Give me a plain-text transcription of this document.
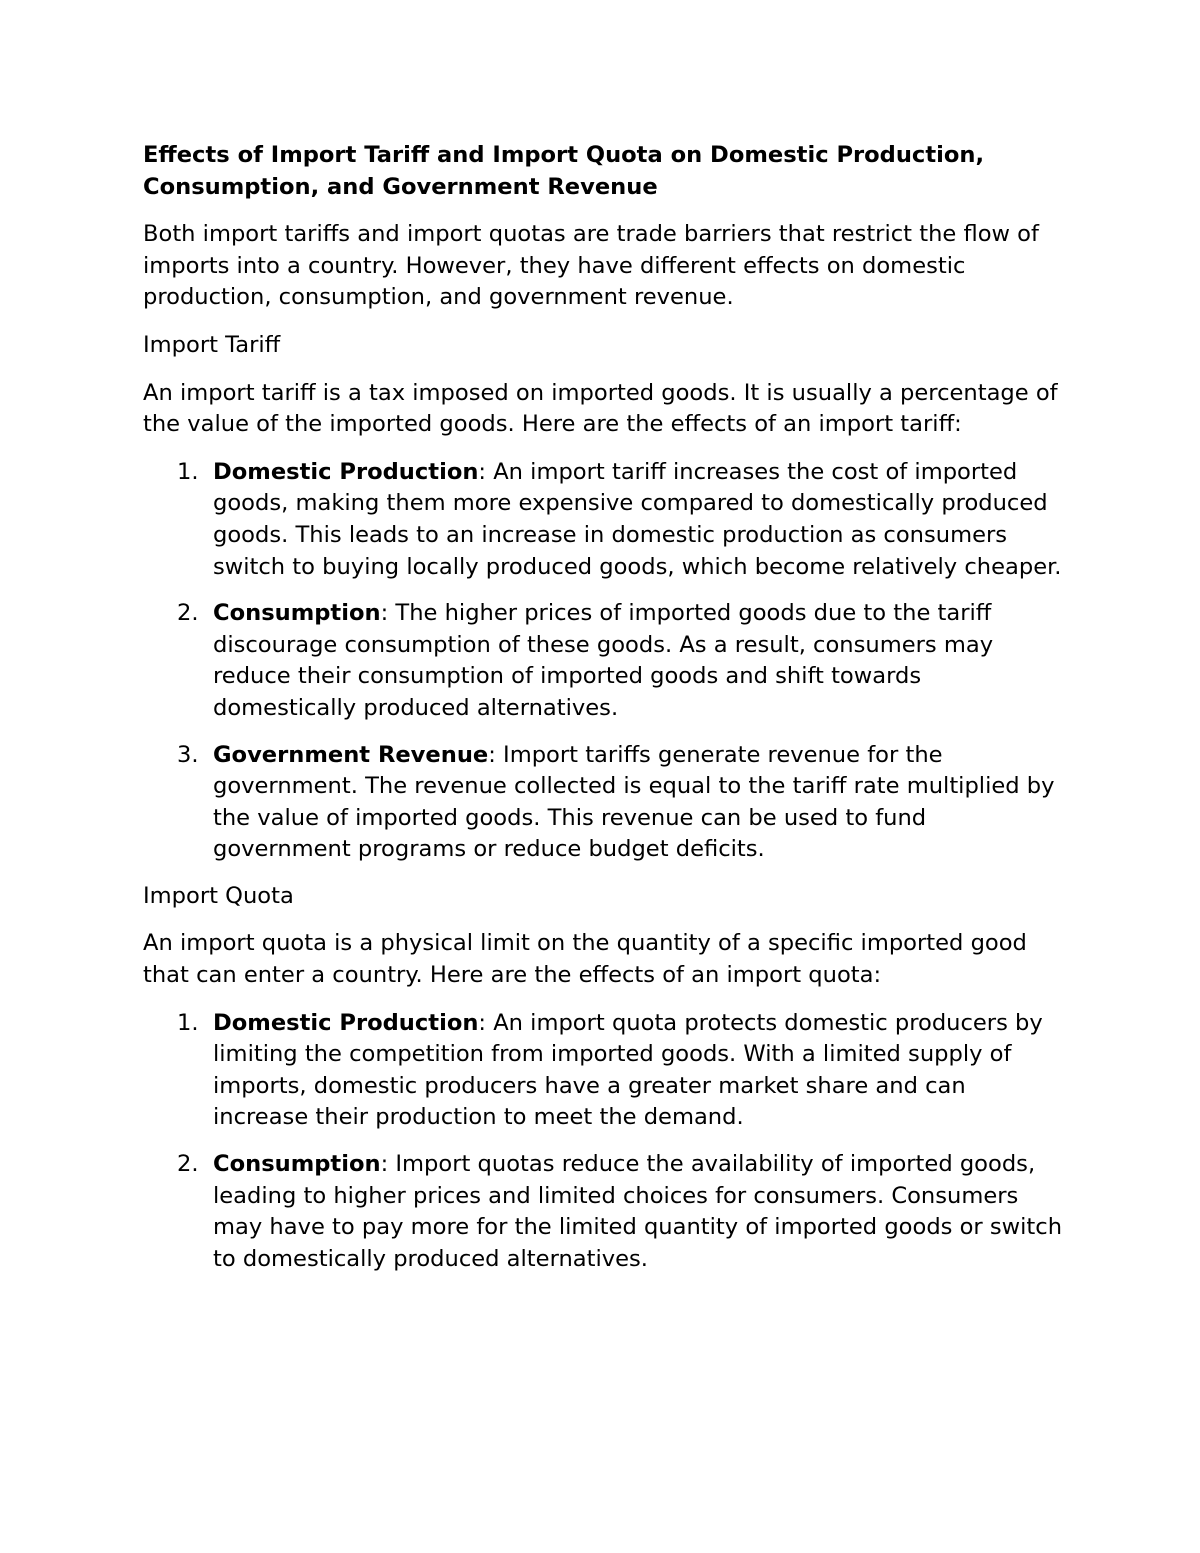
Effects of Import Tariff and Import Quota on Domestic Production, Consumption, and Government Revenue

Both import tariffs and import quotas are trade barriers that restrict the flow of imports into a country. However, they have different effects on domestic production, consumption, and government revenue.

Import Tariff

An import tariff is a tax imposed on imported goods. It is usually a percentage of the value of the imported goods. Here are the effects of an import tariff:

1. Domestic Production: An import tariff increases the cost of imported goods, making them more expensive compared to domestically produced goods. This leads to an increase in domestic production as consumers switch to buying locally produced goods, which become relatively cheaper.
2. Consumption: The higher prices of imported goods due to the tariff discourage consumption of these goods. As a result, consumers may reduce their consumption of imported goods and shift towards domestically produced alternatives.
3. Government Revenue: Import tariffs generate revenue for the government. The revenue collected is equal to the tariff rate multiplied by the value of imported goods. This revenue can be used to fund government programs or reduce budget deficits.

Import Quota

An import quota is a physical limit on the quantity of a specific imported good that can enter a country. Here are the effects of an import quota:

1. Domestic Production: An import quota protects domestic producers by limiting the competition from imported goods. With a limited supply of imports, domestic producers have a greater market share and can increase their production to meet the demand.
2. Consumption: Import quotas reduce the availability of imported goods, leading to higher prices and limited choices for consumers. Consumers may have to pay more for the limited quantity of imported goods or switch to domestically produced alternatives.
